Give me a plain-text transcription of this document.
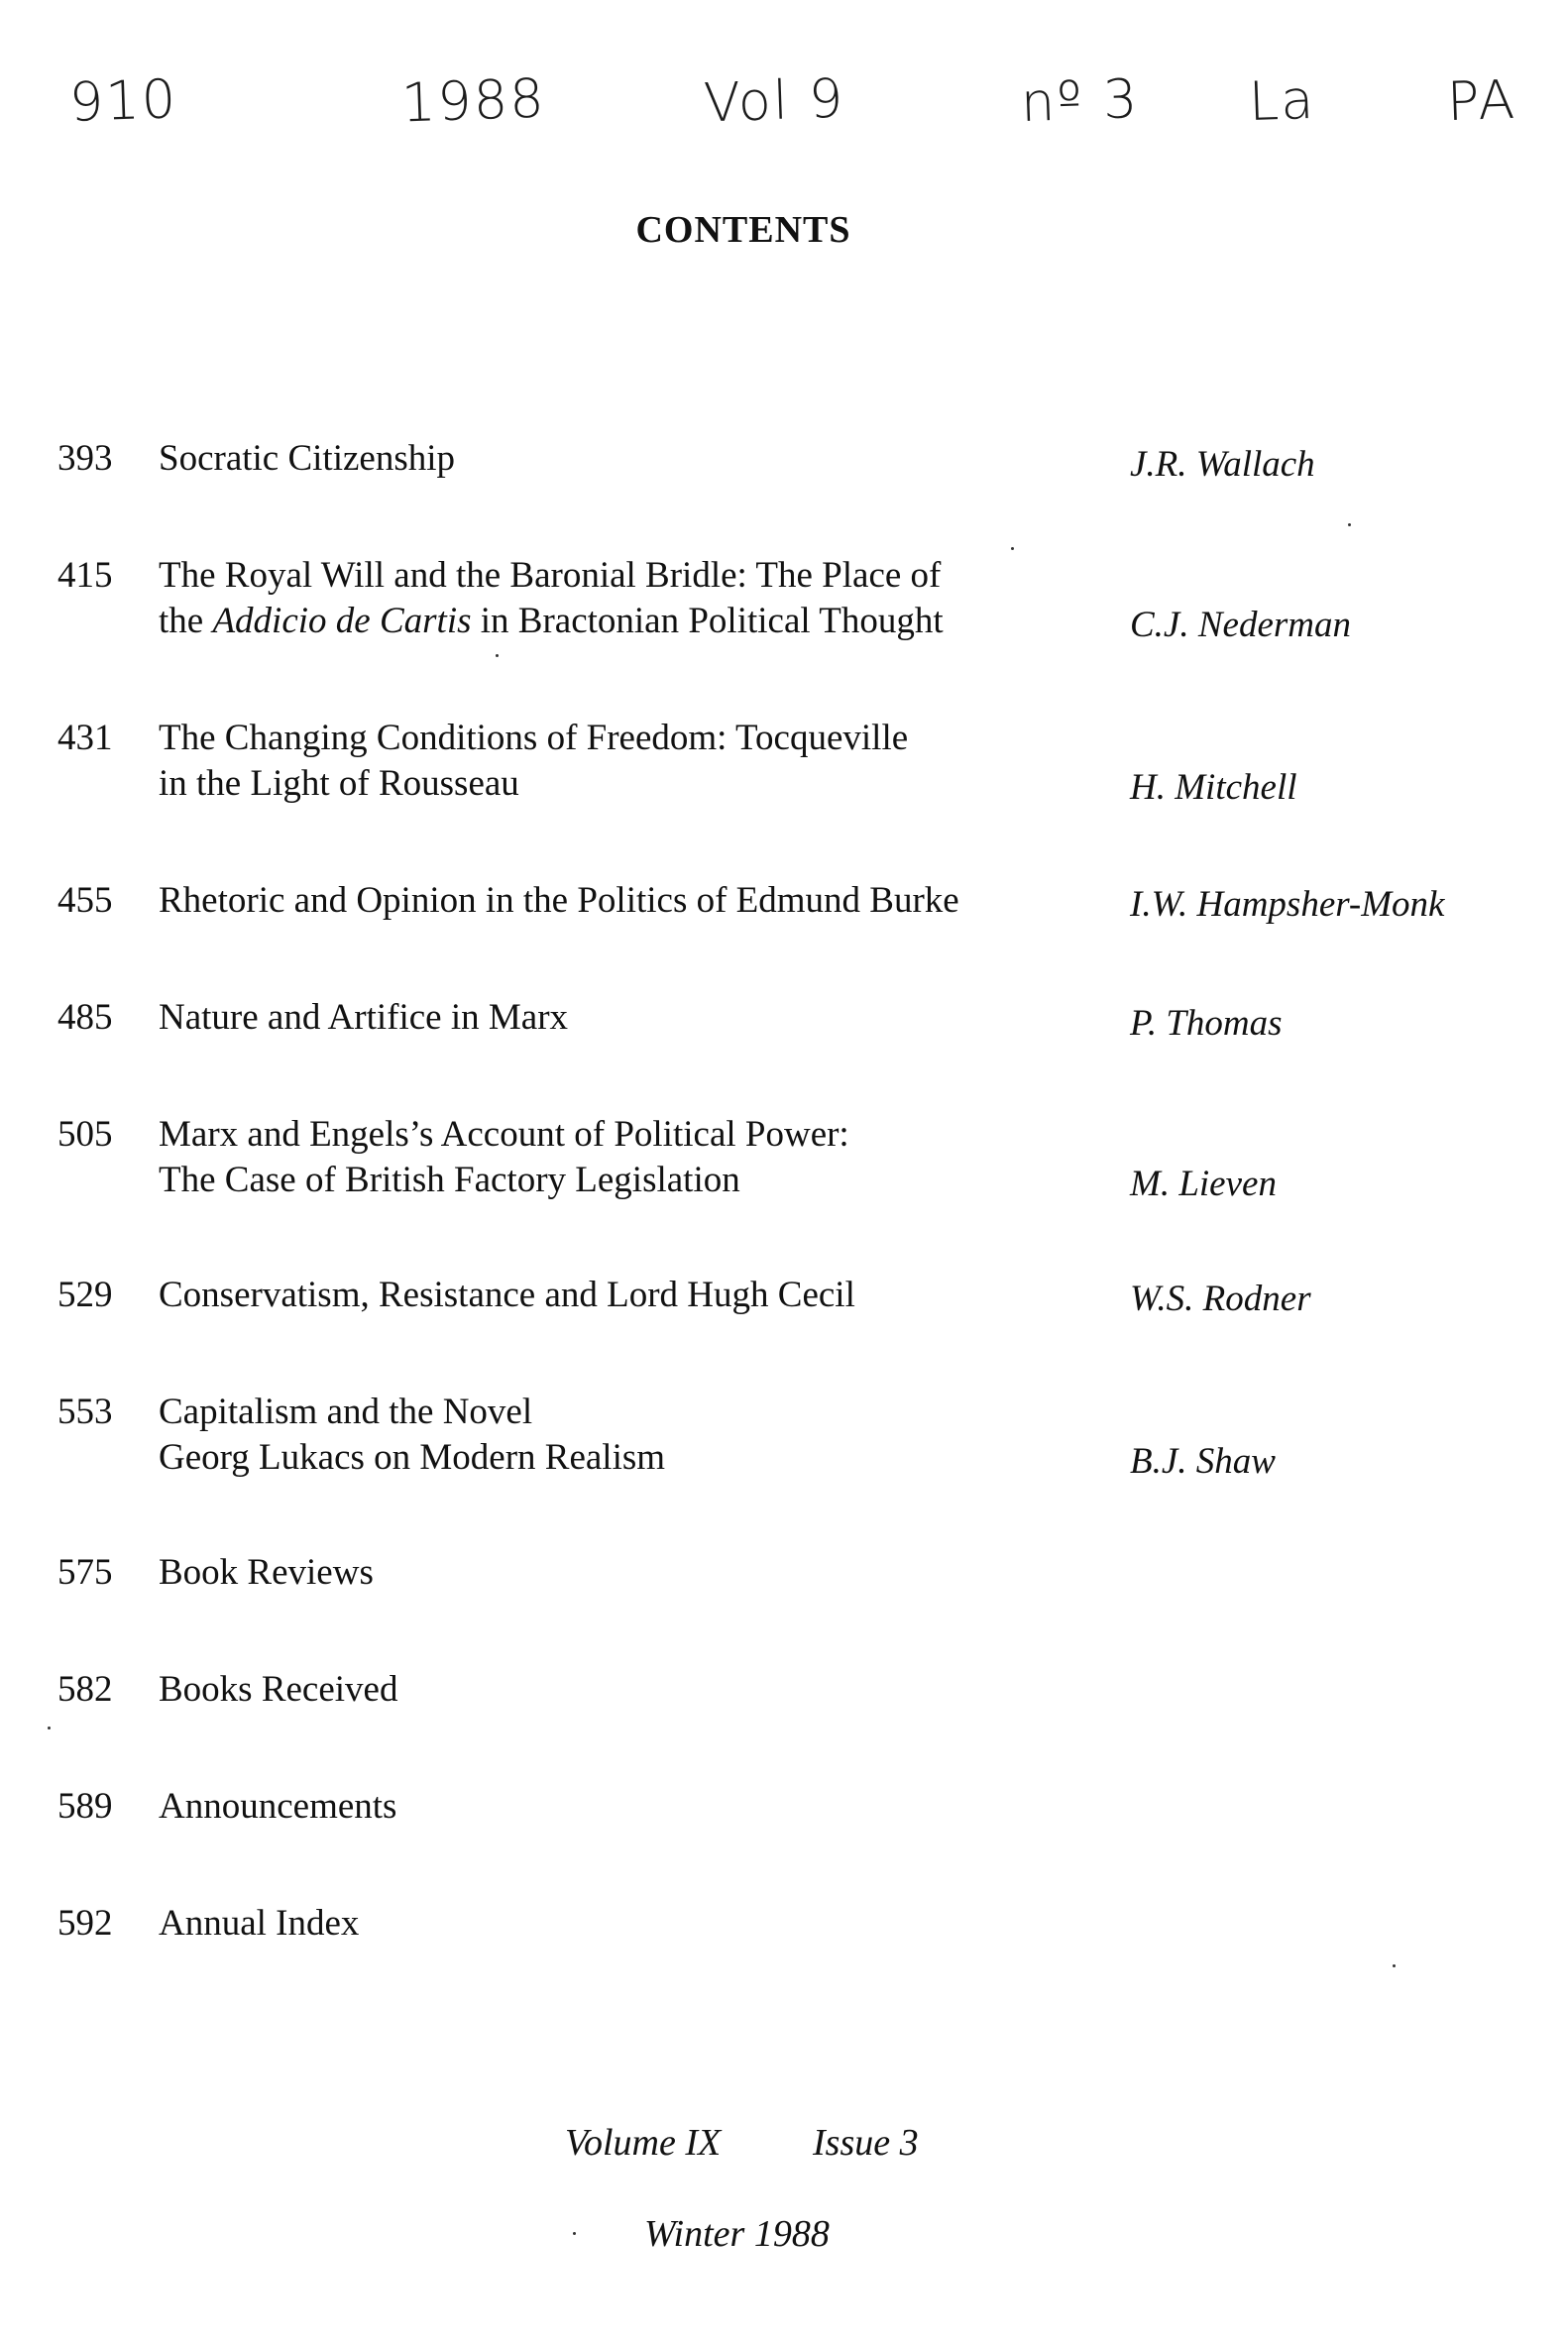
910	1988	Vol 9	nº 3 La PA
CONTENTS
393 Socratic Citizenship	J.R. Wallach
415 The Royal Will and the Baronial Bridle: The Place of
the Addicio de Cartis in Bractonian Political Thought	C.J. Nederman
431 The Changing Conditions of Freedom: Tocqueville
in the Light of Rousseau	H. Mitchell
455 Rhetoric and Opinion in the Politics of Edmund Burke	I.W. Hampsher-Monk
485 Nature and Artifice in Marx	P. Thomas
505 Marx and Engels’s Account of Political Power:
The Case of British Factory Legislation	M. Lieven
529 Conservatism, Resistance and Lord Hugh Cecil	W.S. Rodner
553 Capitalism and the Novel
Georg Lukacs on Modern Realism	B.J. Shaw
575 Book Reviews
582 Books Received
589 Announcements
592 Annual Index
Volume IX Issue 3
Winter 1988
